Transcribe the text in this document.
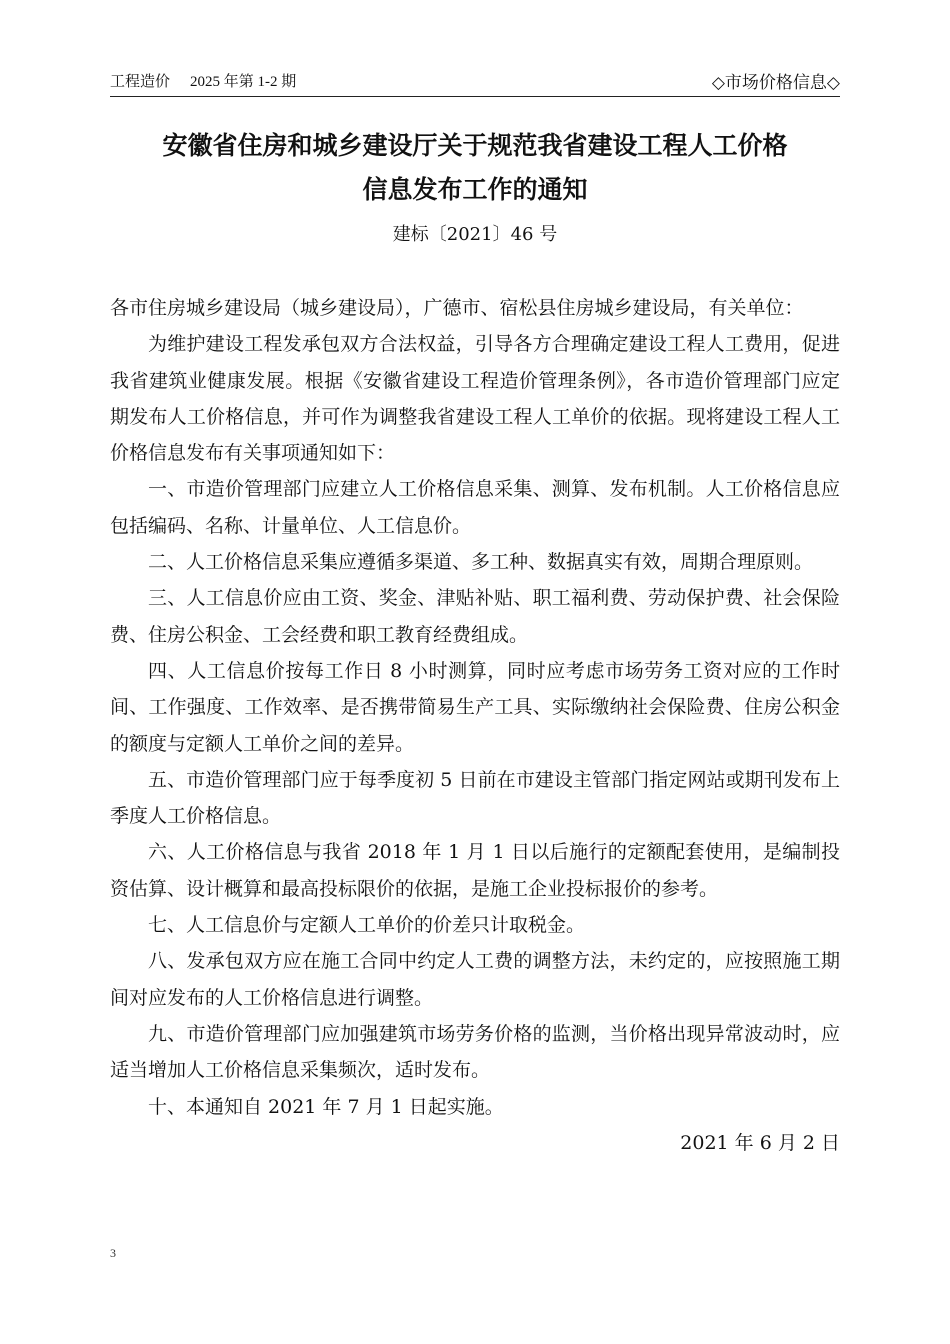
工程造价 2025 年第 1-2 期	◇市场价格信息◇
安徽省住房和城乡建设厅关于规范我省建设工程人工价格
信息发布工作的通知
建标〔2021〕46 号

各市住房城乡建设局（城乡建设局），广德市、宿松县住房城乡建设局，有关单位：

为维护建设工程发承包双方合法权益，引导各方合理确定建设工程人工费用，促进我省建筑业健康发展。根据《安徽省建设工程造价管理条例》，各市造价管理部门应定期发布人工价格信息，并可作为调整我省建设工程人工单价的依据。现将建设工程人工价格信息发布有关事项通知如下：

一、市造价管理部门应建立人工价格信息采集、测算、发布机制。人工价格信息应包括编码、名称、计量单位、人工信息价。

二、人工价格信息采集应遵循多渠道、多工种、数据真实有效，周期合理原则。

三、人工信息价应由工资、奖金、津贴补贴、职工福利费、劳动保护费、社会保险费、住房公积金、工会经费和职工教育经费组成。

四、人工信息价按每工作日 8 小时测算，同时应考虑市场劳务工资对应的工作时间、工作强度、工作效率、是否携带简易生产工具、实际缴纳社会保险费、住房公积金的额度与定额人工单价之间的差异。

五、市造价管理部门应于每季度初 5 日前在市建设主管部门指定网站或期刊发布上季度人工价格信息。

六、人工价格信息与我省 2018 年 1 月 1 日以后施行的定额配套使用，是编制投资估算、设计概算和最高投标限价的依据，是施工企业投标报价的参考。

七、人工信息价与定额人工单价的价差只计取税金。

八、发承包双方应在施工合同中约定人工费的调整方法，未约定的，应按照施工期间对应发布的人工价格信息进行调整。

九、市造价管理部门应加强建筑市场劳务价格的监测，当价格出现异常波动时，应适当增加人工价格信息采集频次，适时发布。

十、本通知自 2021 年 7 月 1 日起实施。

2021 年 6 月 2 日

3
